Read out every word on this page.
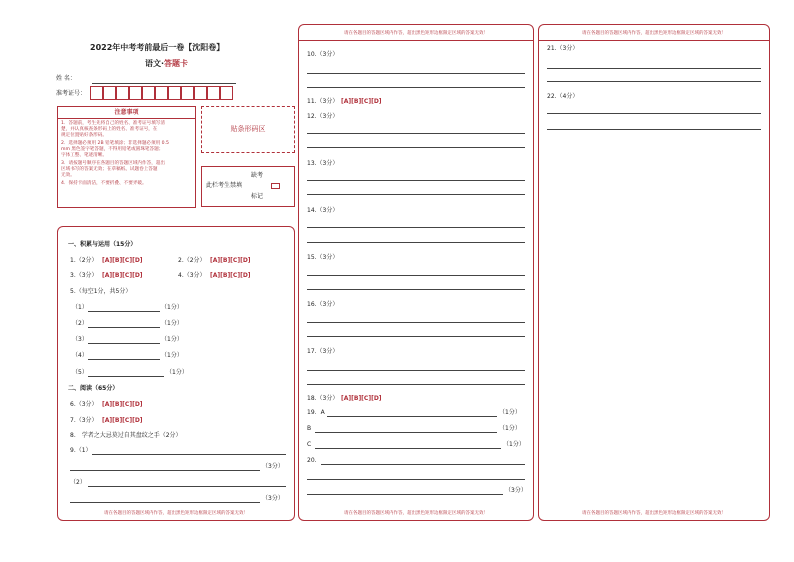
2022年中考考前最后一卷【沈阳卷】
语文·答题卡
姓 名：
准考证号：
注意事项
1．答题前，考生先将自己的姓名、准考证号填写清
楚，并认真核查条形码上的姓名、准考证号，在
规定位置贴好条形码。
2．选择题必须用 2B 铅笔填涂；非选择题必须用 0.5
mm 黑色签字笔答题，不得用铅笔或圆珠笔答题；
字体工整、笔迹清晰。
3．请按题号顺序在各题目的答题区域内作答，超出
区域书写的答案无效；在草稿纸、试题卷上答题
无效。
4．保持卡面清洁，不要折叠、不要弄破。
贴条形码区
缺考
此栏考生禁填
标记
一、积累与运用（15分）
1.（2分） [A][B][C][D]	2.（2分） [A][B][C][D]
3.（3分） [A][B][C][D]	4.（3分） [A][B][C][D]
5.（每空1分，共5分）
（1）	（1分）
（2）	（1分）
（3）	（1分）
（4）	（1分）
（5）	（1分）
二、阅读（65分）
6.（3分） [A][B][C][D]
7.（3分） [A][B][C][D]
8.　学者之大忌莫过自其盘纹之手（2分）
9.（1）
（3分）
（2）
（3分）
请在各题目的答题区域内作答，超出黑色矩形边框限定区域的答案无效！
10.（3分）
11.（3分） [A][B][C][D]
12.（3分）
13.（3分）
14.（3分）
15.（3分）
16.（3分）
17.（3分）
18.（3分） [A][B][C][D]
19．A	（1分）
B	（1分）
C	（1分）
20.
（3分）
请在各题目的答题区域内作答，超出黑色矩形边框限定区域的答案无效！
请在各题目的答题区域内作答，超出黑色矩形边框限定区域的答案无效！
21.（3分）
22.（4分）
请在各题目的答题区域内作答，超出黑色矩形边框限定区域的答案无效！
请在各题目的答题区域内作答，超出黑色矩形边框限定区域的答案无效！
